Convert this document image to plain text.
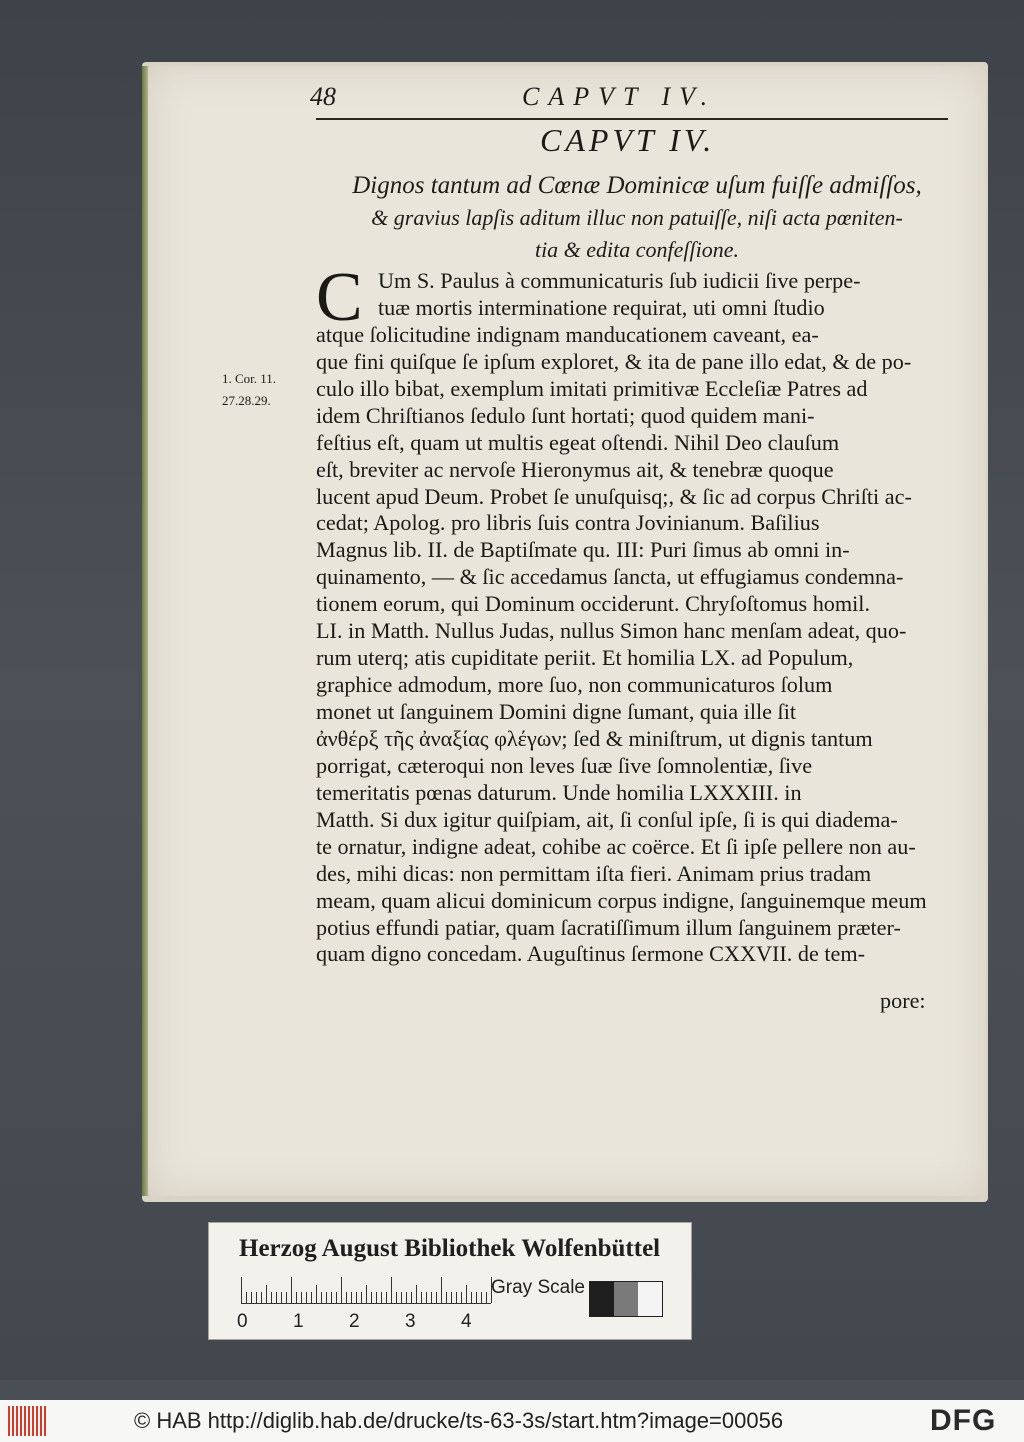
48	CAPVT IV.
CAPVT IV.
Dignos tantum ad Cœnæ Dominicæ uſum fuiſſe admiſſos,
& gravius lapſis aditum illuc non patuiſſe, niſi acta pœniten-
tia & edita confeſſione.
C Um S. Paulus à communicaturis ſub iudicii ſive perpe-
tuæ mortis interminatione requirat, uti omni ſtudio
atque ſolicitudine indignam manducationem caveant, ea-
que fini quiſque ſe ipſum exploret, & ita de pane illo edat, & de po-
culo illo bibat, exemplum imitati primitivæ Eccleſiæ Patres ad
idem Chriſtianos ſedulo ſunt hortati; quod quidem mani-
feſtius eſt, quam ut multis egeat oſtendi. Nihil Deo clauſum
eſt, breviter ac nervoſe Hieronymus ait, & tenebræ quoque
lucent apud Deum. Probet ſe unuſquisq;, & ſic ad corpus Chriſti ac-
cedat; Apolog. pro libris ſuis contra Jovinianum. Baſilius
Magnus lib. II. de Baptiſmate qu. III: Puri ſimus ab omni in-
quinamento, — & ſic accedamus ſancta, ut effugiamus condemna-
tionem eorum, qui Dominum occiderunt. Chryſoſtomus homil.
LI. in Matth. Nullus Judas, nullus Simon hanc menſam adeat, quo-
rum uterq; atis cupiditate periit. Et homilia LX. ad Populum,
graphice admodum, more ſuo, non communicaturos ſolum
monet ut ſanguinem Domini digne ſumant, quia ille ſit
ἀνθέρξ τῆς ἀναξίας φλέγων; ſed & miniſtrum, ut dignis tantum
porrigat, cæteroqui non leves ſuæ ſive ſomnolentiæ, ſive
temeritatis pœnas daturum. Unde homilia LXXXIII. in
Matth. Si dux igitur quiſpiam, ait, ſi conſul ipſe, ſi is qui diadema-
te ornatur, indigne adeat, cohibe ac coërce. Et ſi ipſe pellere non au-
des, mihi dicas: non permittam iſta fieri. Animam prius tradam
meam, quam alicui dominicum corpus indigne, ſanguinemque meum
potius effundi patiar, quam ſacratiſſimum illum ſanguinem præter-
quam digno concedam. Auguſtinus ſermone CXXVII. de tem-
pore:
1. Cor. 11.
27.28.29.
Herzog August Bibliothek Wolfenbüttel
0 1 2 3 4
Gray Scale
© HAB http://diglib.hab.de/drucke/ts-63-3s/start.htm?image=00056	DFG
